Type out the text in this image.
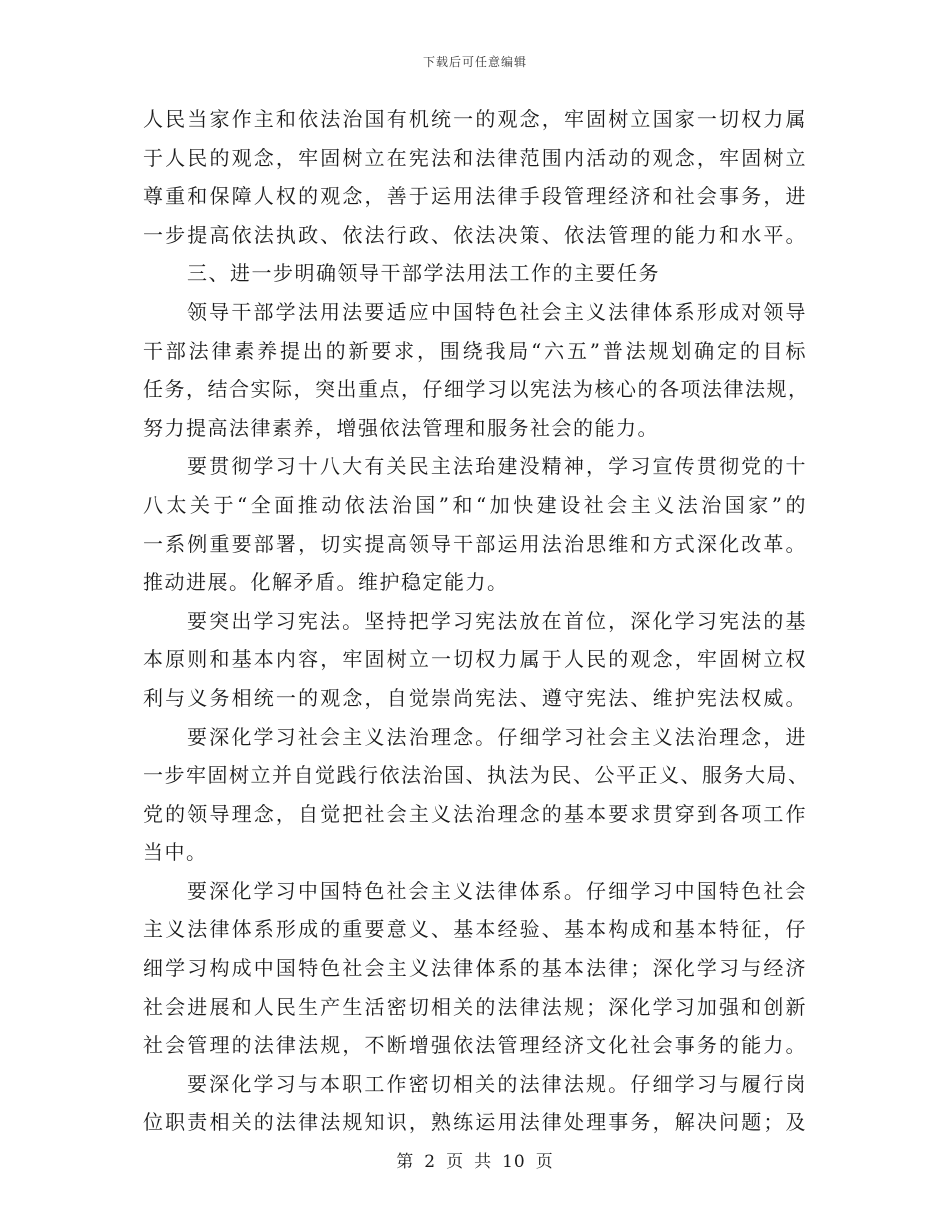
下载后可任意编辑
人民当家作主和依法治国有机统一的观念，牢固树立国家一切权力属
于人民的观念，牢固树立在宪法和法律范围内活动的观念，牢固树立
尊重和保障人权的观念，善于运用法律手段管理经济和社会事务，进
一步提高依法执政、依法行政、依法决策、依法管理的能力和水平。
三、进一步明确领导干部学法用法工作的主要任务
领导干部学法用法要适应中国特色社会主义法律体系形成对领导
干部法律素养提出的新要求，围绕我局“六五”普法规划确定的目标
任务，结合实际，突出重点，仔细学习以宪法为核心的各项法律法规，
努力提高法律素养，增强依法管理和服务社会的能力。
要贯彻学习十八大有关民主法珆建没精神，学习宣传贯彻党的十
八太关于“全面推动依法治国”和“加快建设社会主义法治国家”的
一系例重要部署，切实提高领导干部运用法治思维和方式深化改革。
推动进展。化解矛盾。维护稳定能力。
要突出学习宪法。坚持把学习宪法放在首位，深化学习宪法的基
本原则和基本内容，牢固树立一切权力属于人民的观念，牢固树立权
利与义务相统一的观念，自觉崇尚宪法、遵守宪法、维护宪法权威。
要深化学习社会主义法治理念。仔细学习社会主义法治理念，进
一步牢固树立并自觉践行依法治国、执法为民、公平正义、服务大局、
党的领导理念，自觉把社会主义法治理念的基本要求贯穿到各项工作
当中。
要深化学习中国特色社会主义法律体系。仔细学习中国特色社会
主义法律体系形成的重要意义、基本经验、基本构成和基本特征，仔
细学习构成中国特色社会主义法律体系的基本法律；深化学习与经济
社会进展和人民生产生活密切相关的法律法规；深化学习加强和创新
社会管理的法律法规，不断增强依法管理经济文化社会事务的能力。
要深化学习与本职工作密切相关的法律法规。仔细学习与履行岗
位职责相关的法律法规知识，熟练运用法律处理事务，解决问题；及
第 2 页 共 10 页
